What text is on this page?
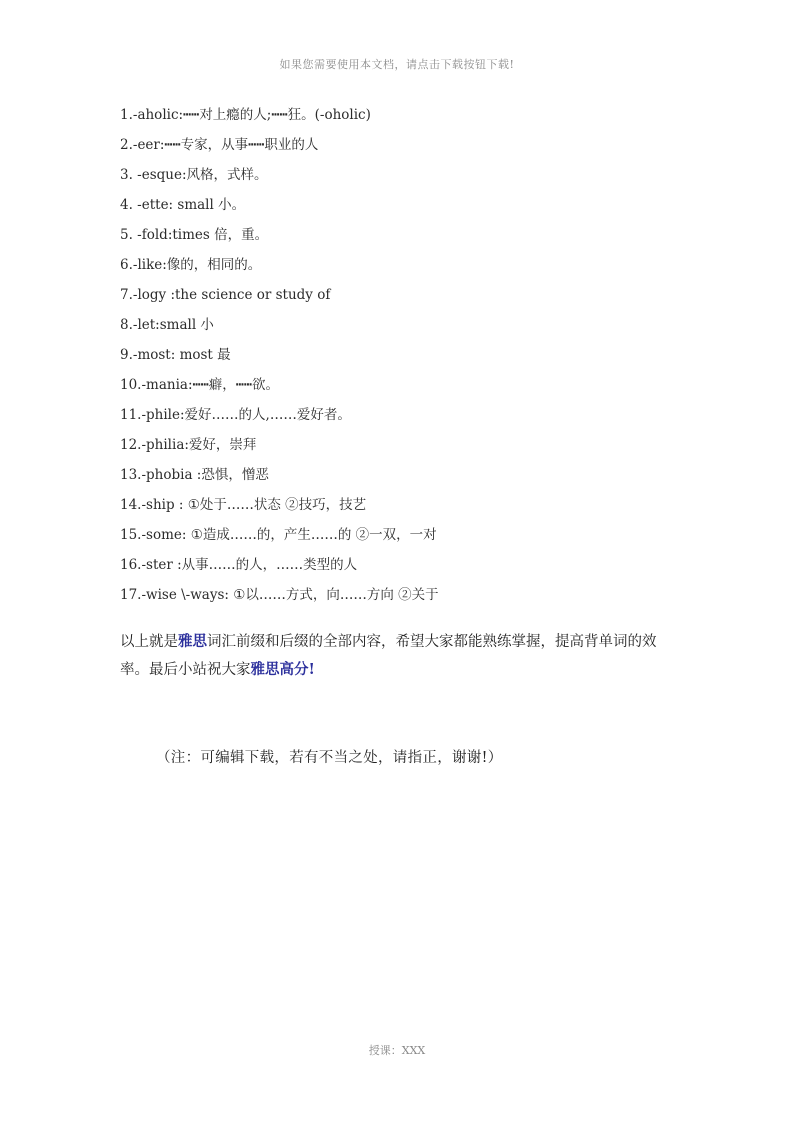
如果您需要使用本文档，请点击下载按钮下载!
1.-aholic:┅┅对上瘾的人;┅┅狂。(-oholic)
2.-eer:┅┅专家，从事┅┅职业的人
3. -esque:风格，式样。
4. -ette: small 小。
5. -fold:times 倍，重。
6.-like:像的，相同的。
7.-logy :the science or study of
8.-let:small 小
9.-most: most 最
10.-mania:┅┅癖，┅┅欲。
11.-phile:爱好……的人,……爱好者。
12.-philia:爱好，崇拜
13.-phobia :恐惧，憎恶
14.-ship : ①处于……状态 ②技巧，技艺
15.-some: ①造成……的，产生……的 ②一双，一对
16.-ster :从事……的人，……类型的人
17.-wise \-ways: ①以……方式，向……方向 ②关于

以上就是雅思词汇前缀和后缀的全部内容，希望大家都能熟练掌握，提高背单词的效率。最后小站祝大家雅思高分!

（注：可编辑下载，若有不当之处，请指正，谢谢!）
授课：XXX
